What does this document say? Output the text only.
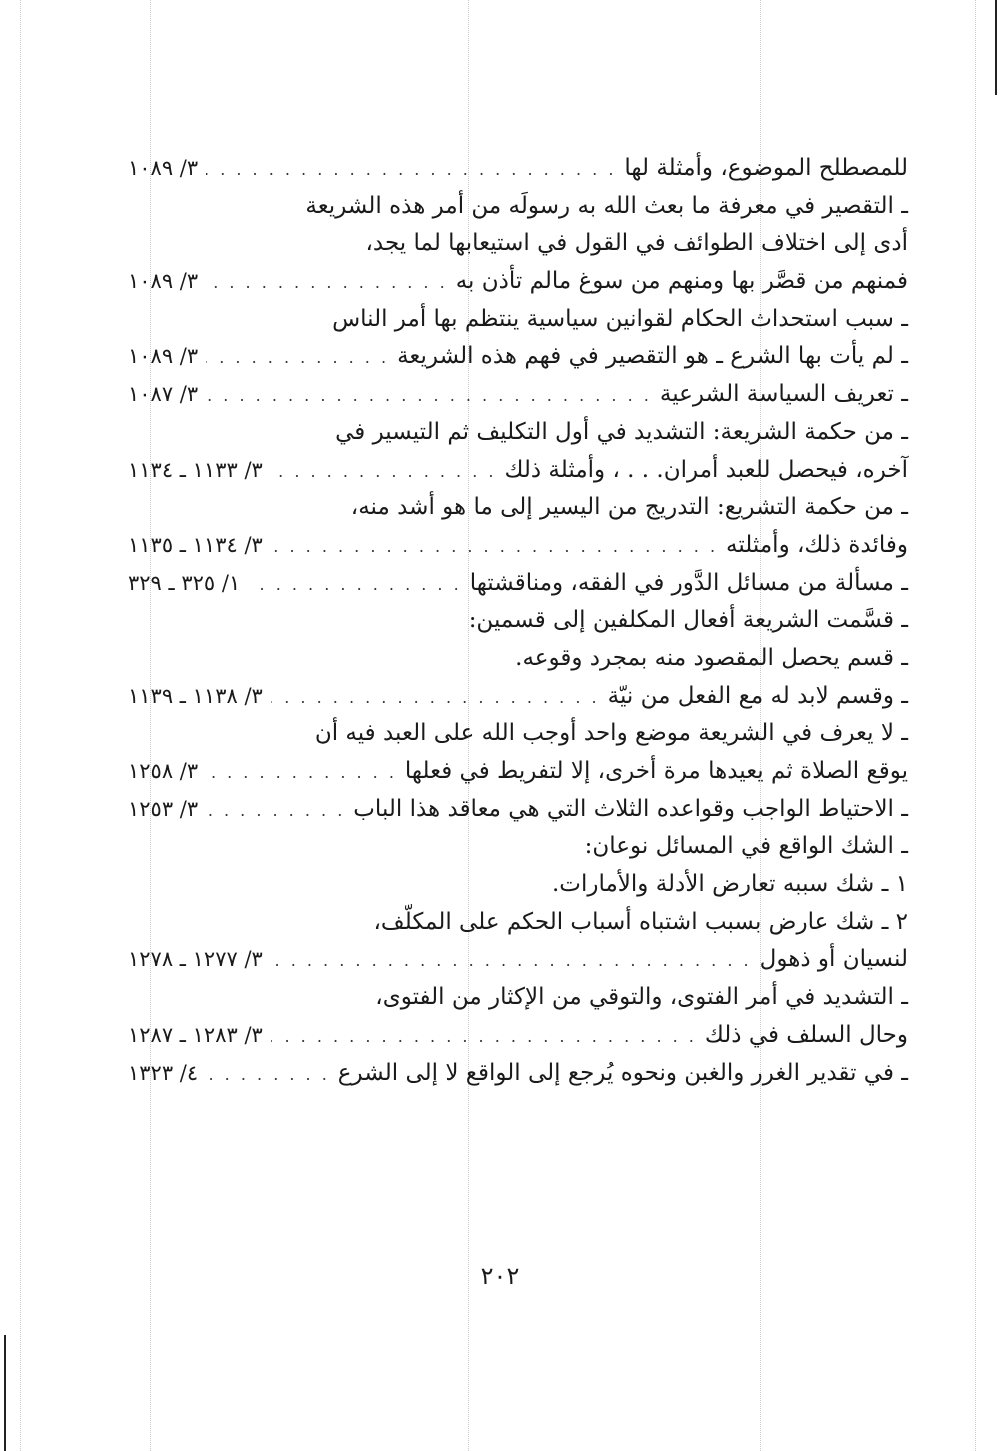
للمصطلح الموضوع، وأمثلة لها
. . .
٣/ ١٠٨٩
ـ التقصير في معرفة ما بعث الله به رسولَه من أمر هذه الشريعة
أدى إلى اختلاف الطوائف في القول في استيعابها لما يجد،
فمنهم من قصَّر بها ومنهم من سوغ مالم تأذن به
. . .
٣/ ١٠٨٩
ـ سبب استحداث الحكام لقوانين سياسية ينتظم بها أمر الناس
ـ لم يأت بها الشرع ـ هو التقصير في فهم هذه الشريعة
. . .
٣/ ١٠٨٩
ـ تعريف السياسة الشرعية
. . .
٣/ ١٠٨٧
ـ من حكمة الشريعة: التشديد في أول التكليف ثم التيسير في
آخره، فيحصل للعبد أمران. . . ، وأمثلة ذلك
. . .
٣/ ١١٣٣ ـ ١١٣٤
ـ من حكمة التشريع: التدريج من اليسير إلى ما هو أشد منه،
وفائدة ذلك، وأمثلته
. . .
٣/ ١١٣٤ ـ ١١٣٥
ـ مسألة من مسائل الدَّور في الفقه، ومناقشتها
. . .
١/ ٣٢٥ ـ ٣٢٩
ـ قسَّمت الشريعة أفعال المكلفين إلى قسمين:
ـ قسم يحصل المقصود منه بمجرد وقوعه.
ـ وقسم لابد له مع الفعل من نيّة
. . .
٣/ ١١٣٨ ـ ١١٣٩
ـ لا يعرف في الشريعة موضع واحد أوجب الله على العبد فيه أن
يوقع الصلاة ثم يعيدها مرة أخرى، إلا لتفريط في فعلها
. . .
٣/ ١٢٥٨
ـ الاحتياط الواجب وقواعده الثلاث التي هي معاقد هذا الباب
. . .
٣/ ١٢٥٣
ـ الشك الواقع في المسائل نوعان:
١ ـ شك سببه تعارض الأدلة والأمارات.
٢ ـ شك عارض بسبب اشتباه أسباب الحكم على المكلّف،
لنسيان أو ذهول
. . .
٣/ ١٢٧٧ ـ ١٢٧٨
ـ التشديد في أمر الفتوى، والتوقي من الإكثار من الفتوى،
وحال السلف في ذلك
. . .
٣/ ١٢٨٣ ـ ١٢٨٧
ـ في تقدير الغرر والغبن ونحوه يُرجع إلى الواقع لا إلى الشرع
. . .
٤/ ١٣٢٣
٢٠٢
